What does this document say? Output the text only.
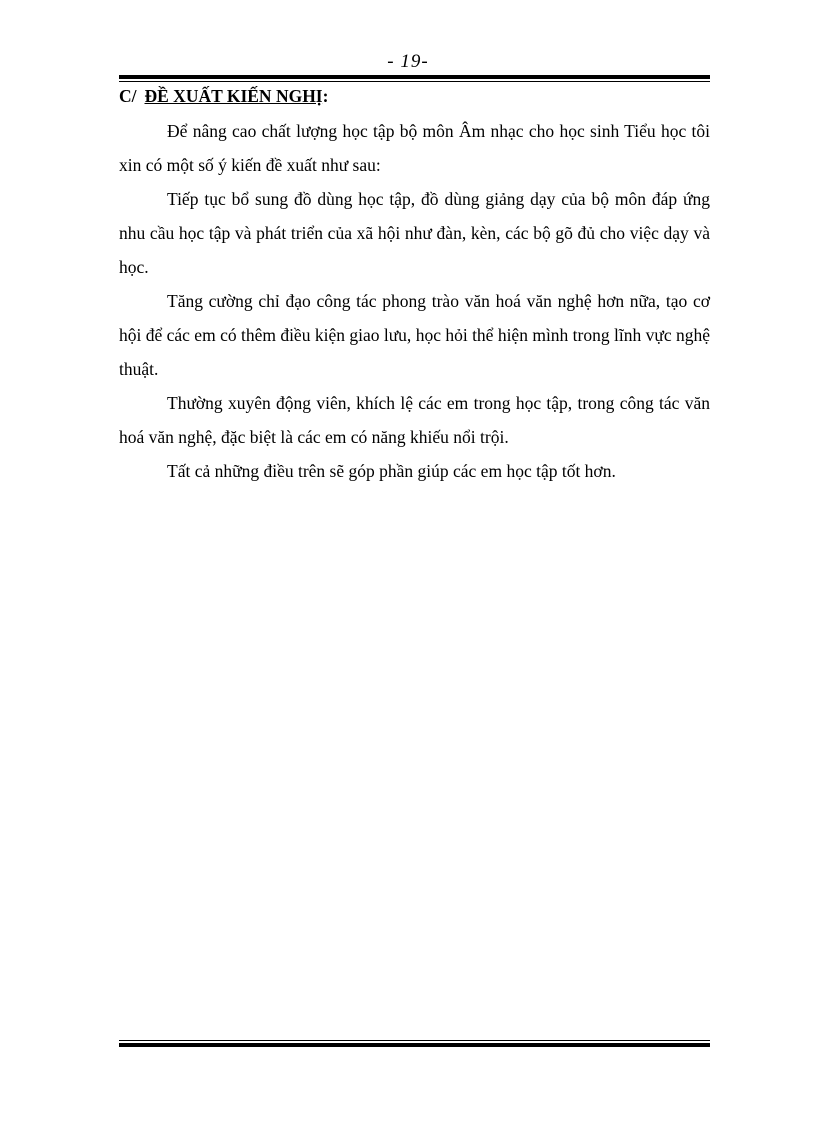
- 19-
C/ ĐỀ XUẤT KIẾN NGHỊ:

Để nâng cao chất lượng học tập bộ môn Âm nhạc cho học sinh Tiểu học tôi xin có một số ý kiến đề xuất như sau:

Tiếp tục bổ sung đồ dùng học tập, đồ dùng giảng dạy của bộ môn đáp ứng nhu cầu học tập và phát triển của xã hội như đàn, kèn, các bộ gõ đủ cho việc dạy và học.

Tăng cường chỉ đạo công tác phong trào văn hoá văn nghệ hơn nữa, tạo cơ hội để các em có thêm điều kiện giao lưu, học hỏi thể hiện mình trong lĩnh vực nghệ thuật.

Thường xuyên động viên, khích lệ các em trong học tập, trong công tác văn hoá văn nghệ, đặc biệt là các em có năng khiếu nổi trội.

Tất cả những điều trên sẽ góp phần giúp các em học tập tốt hơn.
